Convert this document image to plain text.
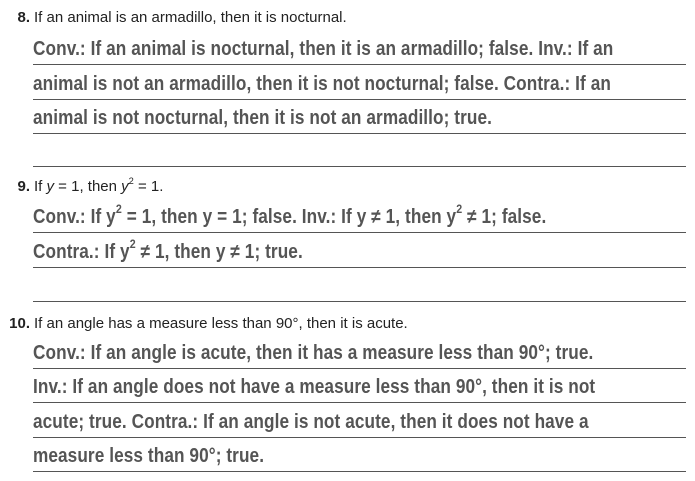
8. If an animal is an armadillo, then it is nocturnal.
Conv.: If an animal is nocturnal, then it is an armadillo; false. Inv.: If an
animal is not an armadillo, then it is not nocturnal; false. Contra.: If an
animal is not nocturnal, then it is not an armadillo; true.
9. If y = 1, then $y^2 = 1$.
Conv.: If $y^2 = 1$, then y = 1; false. Inv.: If y ≠ 1, then $y^2 \ne 1$; false.
Contra.: If $y^2 \ne 1$, then y ≠ 1; true.
10. If an angle has a measure less than 90°, then it is acute.
Conv.: If an angle is acute, then it has a measure less than 90°; true.
Inv.: If an angle does not have a measure less than 90°, then it is not
acute; true. Contra.: If an angle is not acute, then it does not have a
measure less than 90°; true.
